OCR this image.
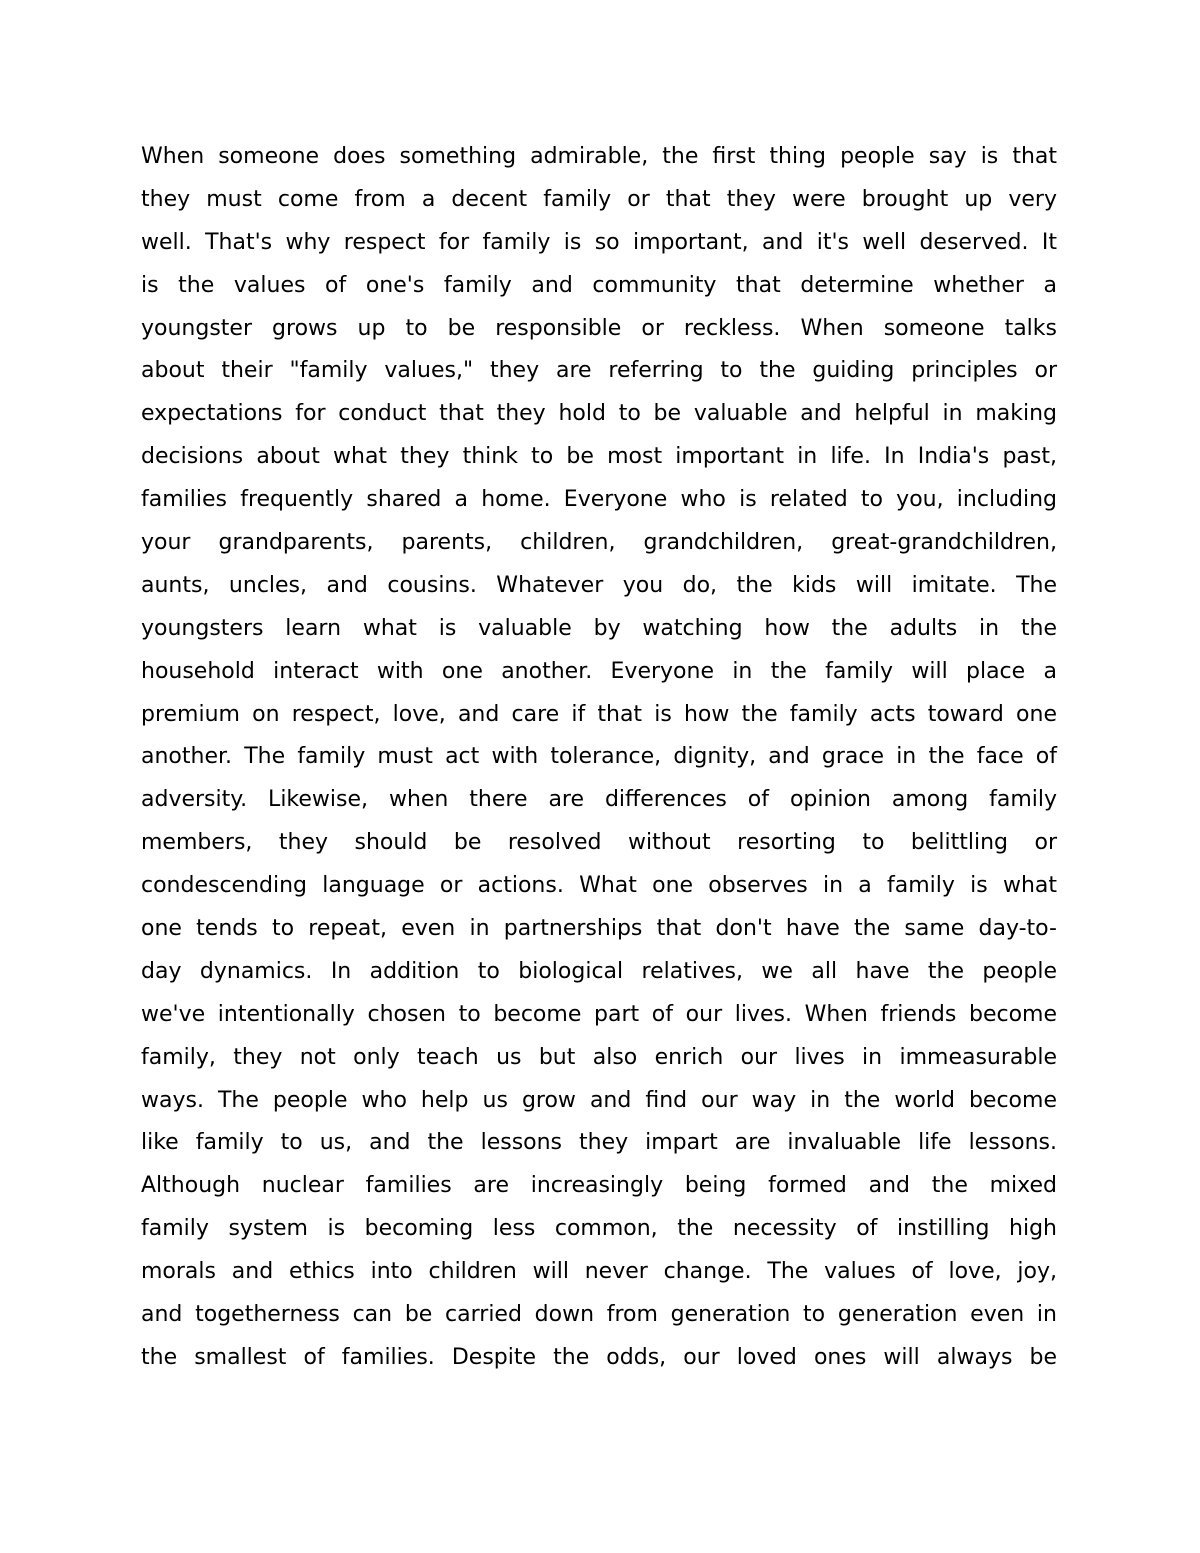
When someone does something admirable, the first thing people say is that
they must come from a decent family or that they were brought up very
well. That's why respect for family is so important, and it's well deserved. It
is the values of one's family and community that determine whether a
youngster grows up to be responsible or reckless. When someone talks
about their "family values," they are referring to the guiding principles or
expectations for conduct that they hold to be valuable and helpful in making
decisions about what they think to be most important in life. In India's past,
families frequently shared a home. Everyone who is related to you, including
your grandparents, parents, children, grandchildren, great-grandchildren,
aunts, uncles, and cousins. Whatever you do, the kids will imitate. The
youngsters learn what is valuable by watching how the adults in the
household interact with one another. Everyone in the family will place a
premium on respect, love, and care if that is how the family acts toward one
another. The family must act with tolerance, dignity, and grace in the face of
adversity. Likewise, when there are differences of opinion among family
members, they should be resolved without resorting to belittling or
condescending language or actions. What one observes in a family is what
one tends to repeat, even in partnerships that don't have the same day-to-
day dynamics. In addition to biological relatives, we all have the people
we've intentionally chosen to become part of our lives. When friends become
family, they not only teach us but also enrich our lives in immeasurable
ways. The people who help us grow and find our way in the world become
like family to us, and the lessons they impart are invaluable life lessons.
Although nuclear families are increasingly being formed and the mixed
family system is becoming less common, the necessity of instilling high
morals and ethics into children will never change. The values of love, joy,
and togetherness can be carried down from generation to generation even in
the smallest of families. Despite the odds, our loved ones will always be
